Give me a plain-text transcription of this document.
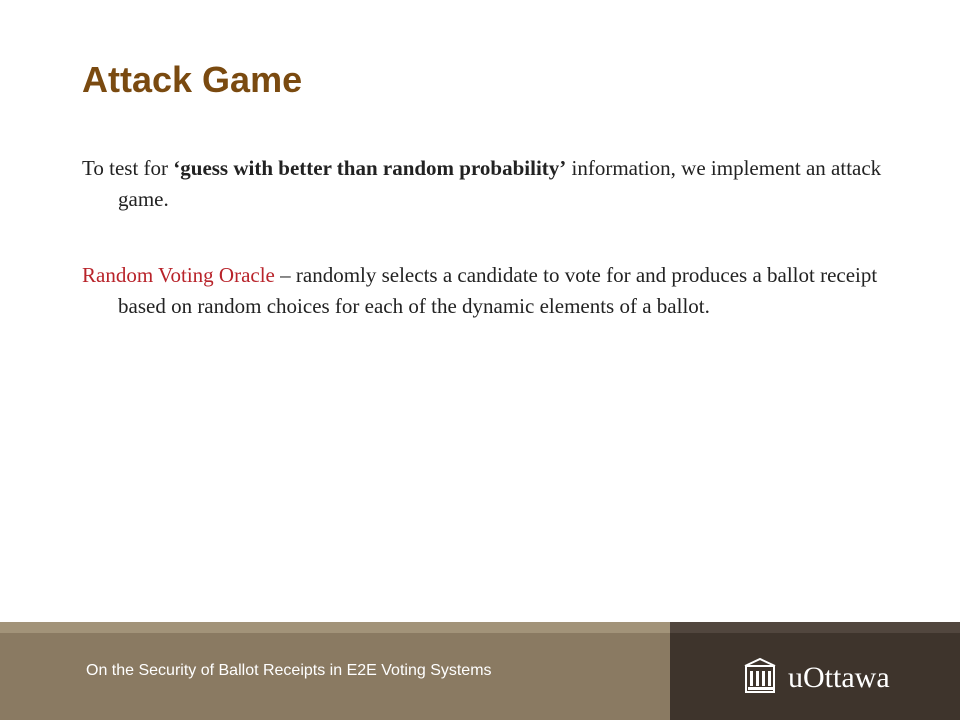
Attack Game

To test for ‘guess with better than random probability’ information, we implement an attack game.

Random Voting Oracle – randomly selects a candidate to vote for and produces a ballot receipt based on random choices for each of the dynamic elements of a ballot.

On the Security of Ballot Receipts in E2E Voting Systems	uOttawa
